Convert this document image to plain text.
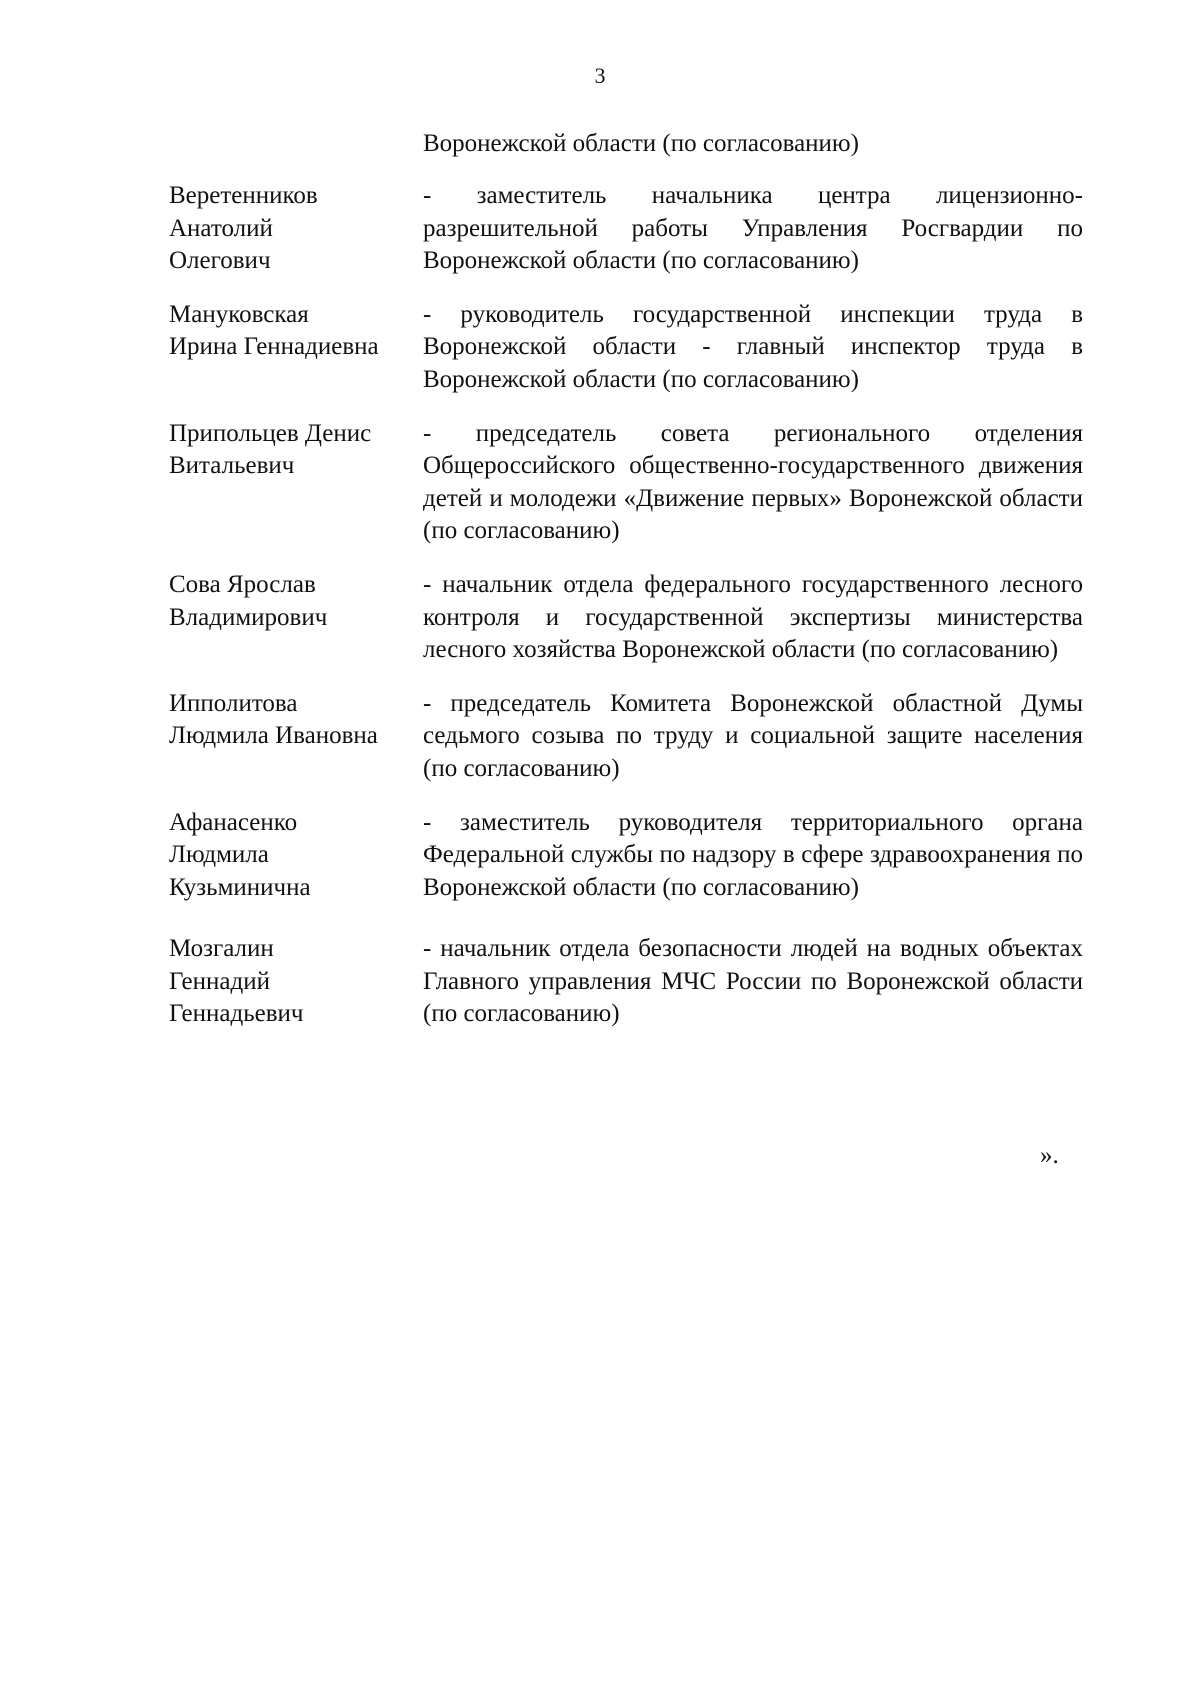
3
Воронежской области (по согласованию)
Веретенников
Анатолий
Олегович
- заместитель начальника центра лицензионно-разрешительной работы Управления Росгвардии по Воронежской области (по согласованию)
Мануковская
Ирина Геннадиевна
- руководитель государственной инспекции труда в Воронежской области - главный инспектор труда в Воронежской области (по согласованию)
Припольцев Денис
Витальевич
- председатель совета регионального отделения Общероссийского общественно-государственного движения детей и молодежи «Движение первых» Воронежской области (по согласованию)
Сова Ярослав
Владимирович
- начальник отдела федерального государственного лесного контроля и государственной экспертизы министерства лесного хозяйства Воронежской области (по согласованию)
Ипполитова
Людмила Ивановна
- председатель Комитета Воронежской областной Думы седьмого созыва по труду и социальной защите населения (по согласованию)
Афанасенко
Людмила
Кузьминична
- заместитель руководителя территориального органа Федеральной службы по надзору в сфере здравоохранения по Воронежской области (по согласованию)
Мозгалин
Геннадий
Геннадьевич
- начальник отдела безопасности людей на водных объектах Главного управления МЧС России по Воронежской области (по согласованию)
».
